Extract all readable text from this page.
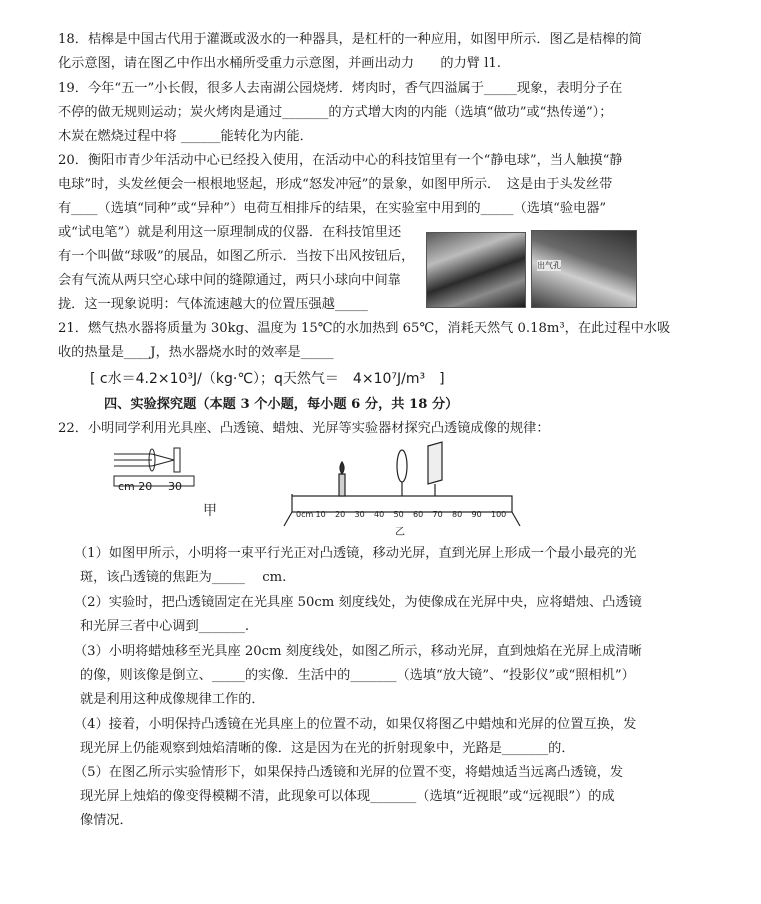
18．桔槔是中国古代用于灌溉或汲水的一种器具，是杠杆的一种应用，如图甲所示．图乙是桔槔的简
化示意图，请在图乙中作出水桶所受重力示意图，并画出动力　　的力臂 l1.
19．今年“五一”小长假，很多人去南湖公园烧烤．烤肉时，香气四溢属于_____现象，表明分子在
不停的做无规则运动；炭火烤肉是通过_______的方式增大肉的内能（选填“做功”或“热传递”）；
木炭在燃烧过程中将 ______能转化为内能．
20．衡阳市青少年活动中心已经投入使用，在活动中心的科技馆里有一个“静电球”，当人触摸“静
电球”时，头发丝便会一根根地竖起，形成“怒发冲冠”的景象，如图甲所示．　这是由于头发丝带
有____（选填“同种”或“异种”）电荷互相排斥的结果，在实验室中用到的_____（选填“验电器”
或“试电笔”）就是利用这一原理制成的仪器．在科技馆里还
有一个叫做“球吸”的展品，如图乙所示．当按下出风按钮后，
会有气流从两只空心球中间的缝隙通过，两只小球向中间靠
拢．这一现象说明：气体流速越大的位置压强越_____
出气孔
21．燃气热水器将质量为 30kg、温度为 15℃的水加热到 65℃，消耗天然气 0.18m³，在此过程中水吸
收的热量是____J，热水器烧水时的效率是_____
[ c水＝4.2×10³J/（kg·℃）；q天然气＝　4×10⁷J/m³　]
四、实验探究题（本题 3 个小题，每小题 6 分，共 18 分）
22．小明同学利用光具座、凸透镜、蜡烛、光屏等实验器材探究凸透镜成像的规律：
cm 20 30
甲	0cm 10 20 30 40 50 60 70 80 90 100
乙
（1）如图甲所示，小明将一束平行光正对凸透镜，移动光屏，直到光屏上形成一个最小最亮的光
斑，该凸透镜的焦距为_____　 cm.
（2）实验时，把凸透镜固定在光具座 50cm 刻度线处，为使像成在光屏中央，应将蜡烛、凸透镜
和光屏三者中心调到_______.
（3）小明将蜡烛移至光具座 20cm 刻度线处，如图乙所示，移动光屏，直到烛焰在光屏上成清晰
的像，则该像是倒立、_____的实像．生活中的_______（选填“放大镜”、“投影仪”或“照相机”）
就是利用这种成像规律工作的．
（4）接着，小明保持凸透镜在光具座上的位置不动，如果仅将图乙中蜡烛和光屏的位置互换，发
现光屏上仍能观察到烛焰清晰的像．这是因为在光的折射现象中，光路是_______的．
（5）在图乙所示实验情形下，如果保持凸透镜和光屏的位置不变，将蜡烛适当远离凸透镜，发
现光屏上烛焰的像变得模糊不清，此现象可以体现_______（选填“近视眼”或“远视眼”）的成
像情况．
